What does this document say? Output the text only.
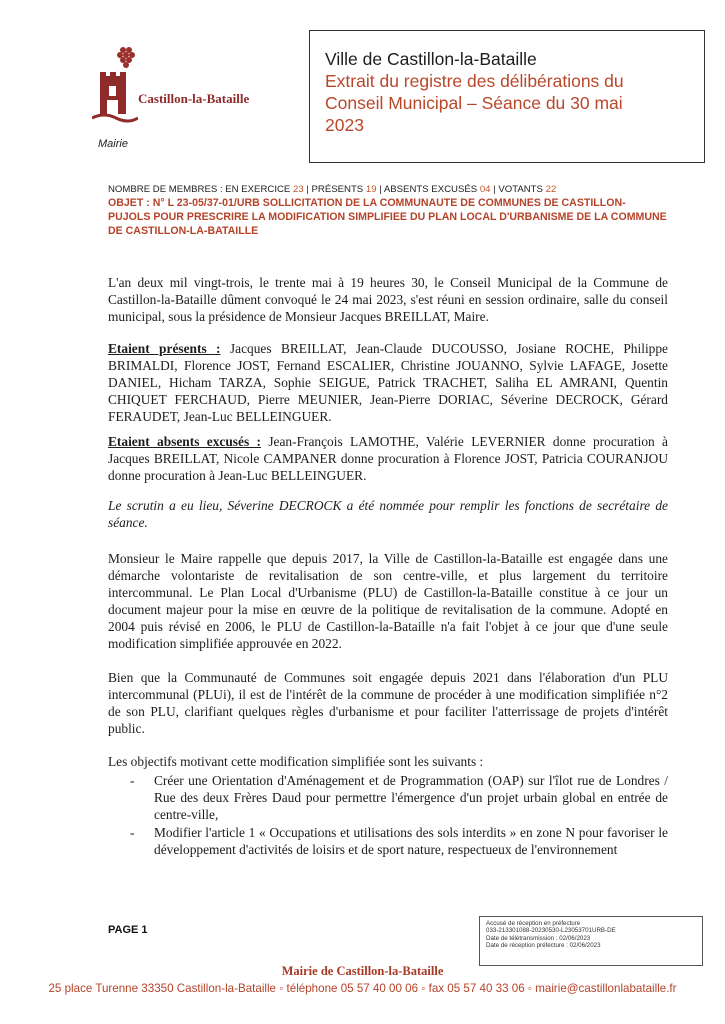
Castillon-la-Bataille
Mairie
Ville de Castillon-la-Bataille
Extrait du registre des délibérations du
Conseil Municipal – Séance du 30 mai
2023
NOMBRE DE MEMBRES : EN EXERCICE 23 | PRÉSENTS 19 | ABSENTS EXCUSÉS 04 | VOTANTS 22
OBJET : N° L 23-05/37-01/URB SOLLICITATION DE LA COMMUNAUTE DE COMMUNES DE CASTILLON-PUJOLS POUR PRESCRIRE LA MODIFICATION SIMPLIFIEE DU PLAN LOCAL D'URBANISME DE LA COMMUNE DE CASTILLON-LA-BATAILLE
L'an deux mil vingt-trois, le trente mai à 19 heures 30, le Conseil Municipal de la Commune de Castillon-la-Bataille dûment convoqué le 24 mai 2023, s'est réuni en session ordinaire, salle du conseil municipal, sous la présidence de Monsieur Jacques BREILLAT, Maire.
Etaient présents : Jacques BREILLAT, Jean-Claude DUCOUSSO, Josiane ROCHE, Philippe BRIMALDI, Florence JOST, Fernand ESCALIER, Christine JOUANNO, Sylvie LAFAGE, Josette DANIEL, Hicham TARZA, Sophie SEIGUE, Patrick TRACHET, Saliha EL AMRANI, Quentin CHIQUET FERCHAUD, Pierre MEUNIER, Jean-Pierre DORIAC, Séverine DECROCK, Gérard FERAUDET, Jean-Luc BELLEINGUER.
Etaient absents excusés : Jean-François LAMOTHE, Valérie LEVERNIER donne procuration à Jacques BREILLAT, Nicole CAMPANER donne procuration à Florence JOST, Patricia COURANJOU donne procuration à Jean-Luc BELLEINGUER.
Le scrutin a eu lieu, Séverine DECROCK a été nommée pour remplir les fonctions de secrétaire de séance.
Monsieur le Maire rappelle que depuis 2017, la Ville de Castillon-la-Bataille est engagée dans une démarche volontariste de revitalisation de son centre-ville, et plus largement du territoire intercommunal. Le Plan Local d'Urbanisme (PLU) de Castillon-la-Bataille constitue à ce jour un document majeur pour la mise en œuvre de la politique de revitalisation de la commune. Adopté en 2004 puis révisé en 2006, le PLU de Castillon-la-Bataille n'a fait l'objet à ce jour que d'une seule modification simplifiée approuvée en 2022.
Bien que la Communauté de Communes soit engagée depuis 2021 dans l'élaboration d'un PLU intercommunal (PLUi), il est de l'intérêt de la commune de procéder à une modification simplifiée n°2 de son PLU, clarifiant quelques règles d'urbanisme et pour faciliter l'atterrissage de projets d'intérêt public.
Les objectifs motivant cette modification simplifiée sont les suivants :
- Créer une Orientation d'Aménagement et de Programmation (OAP) sur l'îlot rue de Londres / Rue des deux Frères Daud pour permettre l'émergence d'un projet urbain global en entrée de centre-ville,
- Modifier l'article 1 « Occupations et utilisations des sols interdits » en zone N pour favoriser le développement d'activités de loisirs et de sport nature, respectueux de l'environnement
PAGE 1
Accusé de réception en préfecture
033-213301088-20230530-L23053701URB-DE
Date de télétransmission : 02/06/2023
Date de réception préfecture : 02/06/2023
Mairie de Castillon-la-Bataille
25 place Turenne 33350 Castillon-la-Bataille ◦ téléphone 05 57 40 00 06 ◦ fax 05 57 40 33 06 ◦ mairie@castillonlabataille.fr
